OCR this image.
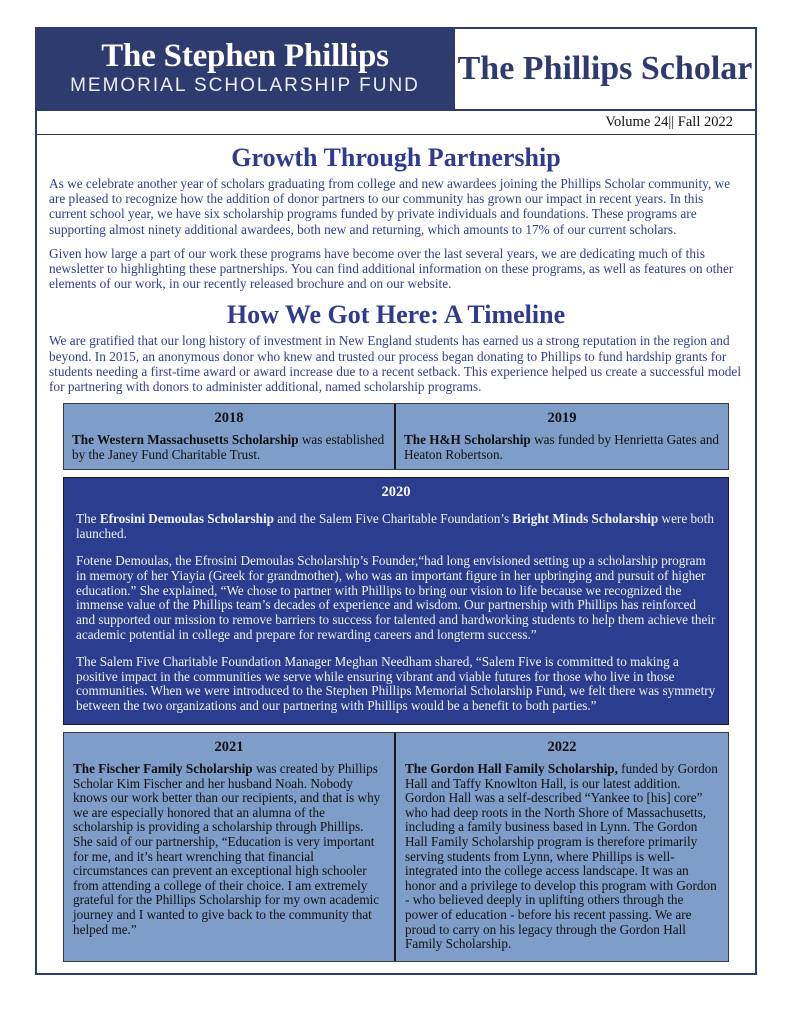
The Stephen Phillips
MEMORIAL SCHOLARSHIP FUND The Phillips Scholar
Volume 24|| Fall 2022
Growth Through Partnership

As we celebrate another year of scholars graduating from college and new awardees joining the Phillips Scholar community, we are pleased to recognize how the addition of donor partners to our community has grown our impact in recent years. In this current school year, we have six scholarship programs funded by private individuals and foundations. These programs are supporting almost ninety additional awardees, both new and returning, which amounts to 17% of our current scholars.

Given how large a part of our work these programs have become over the last several years, we are dedicating much of this newsletter to highlighting these partnerships. You can find additional information on these programs, as well as features on other elements of our work, in our recently released brochure and on our website.

How We Got Here: A Timeline

We are gratified that our long history of investment in New England students has earned us a strong reputation in the region and beyond. In 2015, an anonymous donor who knew and trusted our process began donating to Phillips to fund hardship grants for students needing a first-time award or award increase due to a recent setback. This experience helped us create a successful model for partnering with donors to administer additional, named scholarship programs.

2018

The Western Massachusetts Scholarship was established by the Janey Fund Charitable Trust.

2019

The H&H Scholarship was funded by Henrietta Gates and Heaton Robertson.

2020

The Efrosini Demoulas Scholarship and the Salem Five Charitable Foundation’s Bright Minds Scholarship were both launched.

Fotene Demoulas, the Efrosini Demoulas Scholarship’s Founder,“had long envisioned setting up a scholarship program in memory of her Yiayia (Greek for grandmother), who was an important figure in her upbringing and pursuit of higher education.” She explained, “We chose to partner with Phillips to bring our vision to life because we recognized the immense value of the Phillips team’s decades of experience and wisdom. Our partnership with Phillips has reinforced and supported our mission to remove barriers to success for talented and hardworking students to help them achieve their academic potential in college and prepare for rewarding careers and longterm success.”

The Salem Five Charitable Foundation Manager Meghan Needham shared, “Salem Five is committed to making a positive impact in the communities we serve while ensuring vibrant and viable futures for those who live in those communities. When we were introduced to the Stephen Phillips Memorial Scholarship Fund, we felt there was symmetry between the two organizations and our partnering with Phillips would be a benefit to both parties.”

2021

The Fischer Family Scholarship was created by Phillips Scholar Kim Fischer and her husband Noah. Nobody knows our work better than our recipients, and that is why we are especially honored that an alumna of the scholarship is providing a scholarship through Phillips. She said of our partnership, “Education is very important for me, and it’s heart wrenching that financial circumstances can prevent an exceptional high schooler from attending a college of their choice. I am extremely grateful for the Phillips Scholarship for my own academic journey and I wanted to give back to the community that helped me.”

2022

The Gordon Hall Family Scholarship, funded by Gordon Hall and Taffy Knowlton Hall, is our latest addition. Gordon Hall was a self-described “Yankee to [his] core” who had deep roots in the North Shore of Massachusetts, including a family business based in Lynn. The Gordon Hall Family Scholarship program is therefore primarily serving students from Lynn, where Phillips is well-integrated into the college access landscape. It was an honor and a privilege to develop this program with Gordon - who believed deeply in uplifting others through the power of education - before his recent passing. We are proud to carry on his legacy through the Gordon Hall Family Scholarship.
